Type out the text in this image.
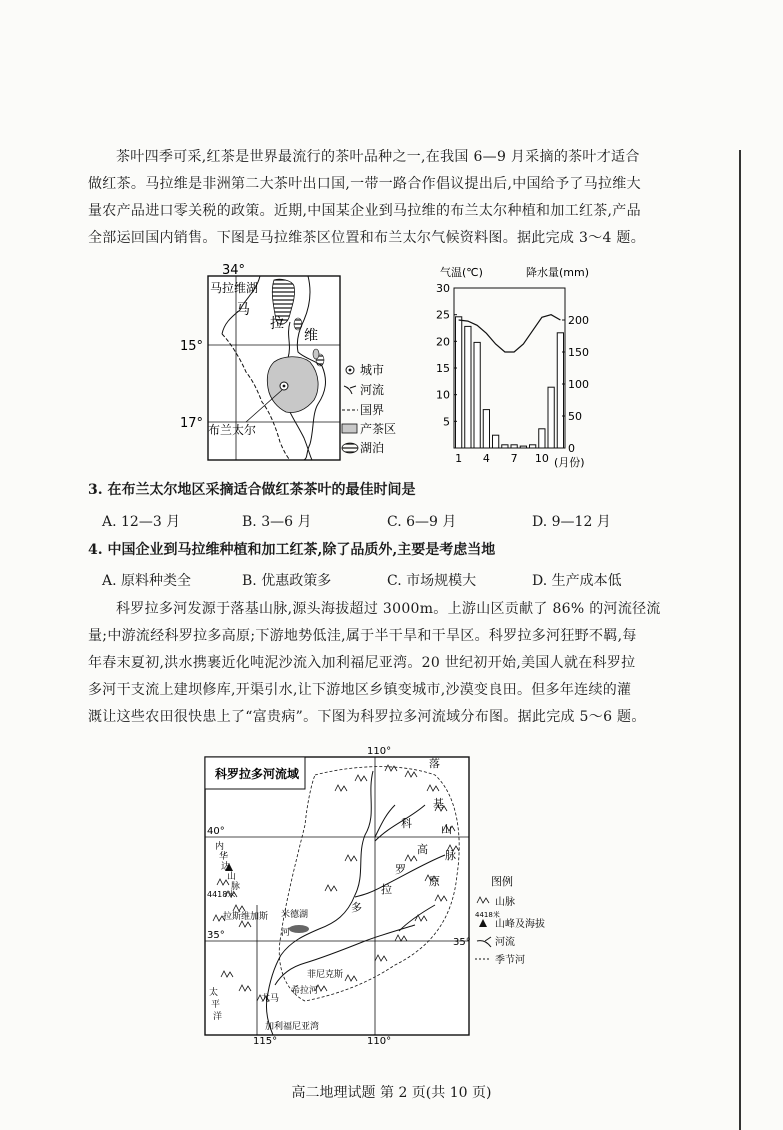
茶叶四季可采,红茶是世界最流行的茶叶品种之一,在我国 6—9 月采摘的茶叶才适合
做红茶。马拉维是非洲第二大茶叶出口国,一带一路合作倡议提出后,中国给予了马拉维大
量农产品进口零关税的政策。近期,中国某企业到马拉维的布兰太尔种植和加工红茶,产品
全部运回国内销售。下图是马拉维茶区位置和布兰太尔气候资料图。据此完成 3～4 题。
34°
15°
17° 布兰太尔
马拉维湖
马
拉
维
城市
河流
国界
产茶区
湖泊
气温(℃)	降水量(mm)
30
25
20
15
10
5
200
150
100
50
0
1 4 7 10 (月份)
3. 在布兰太尔地区采摘适合做红茶茶叶的最佳时间是
A. 12—3 月	B. 3—6 月	C. 6—9 月	D. 9—12 月
4. 中国企业到马拉维种植和加工红茶,除了品质外,主要是考虑当地
A. 原料种类全	B. 优惠政策多	C. 市场规模大	D. 生产成本低
科罗拉多河发源于落基山脉,源头海拔超过 3000m。上游山区贡献了 86% 的河流径流
量;中游流经科罗拉多高原;下游地势低洼,属于半干旱和干旱区。科罗拉多河狂野不羁,每
年春末夏初,洪水携裹近化吨泥沙流入加利福尼亚湾。20 世纪初开始,美国人就在科罗拉
多河干支流上建坝修库,开渠引水,让下游地区乡镇变城市,沙漠变良田。但多年连续的灌
溉让这些农田很快患上了“富贵病”。下图为科罗拉多河流域分布图。据此完成 5～6 题。
科罗拉多河流域
110°
115°	110°
40°
35°
35°
落
基
山
脉
科
罗
拉
多
高
原
内
华
达
山
脉
4418米
拉斯维加斯 米德湖
河
菲尼克斯
希拉河
尤马
太
平
洋
加利福尼亚湾
图例
山脉
4418米
山峰及海拔
河流
季节河
高二地理试题 第 2 页(共 10 页)
